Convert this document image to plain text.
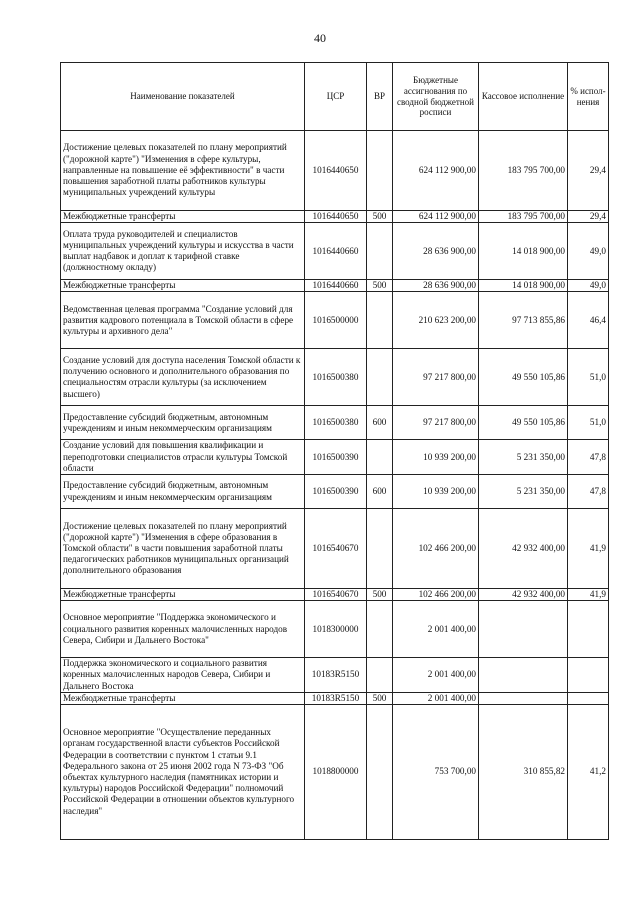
40
Наименование показателей	ЦСР	ВР	Бюджетные ассигнования по сводной бюджетной росписи	Кассовое исполнение	% испол-нения
Достижение целевых показателей по плану мероприятий ("дорожной карте") "Изменения в сфере культуры, направленные на повышение её эффективности" в части повышения заработной платы работников культуры муниципальных учреждений культуры	1016440650		624 112 900,00	183 795 700,00	29,4
Межбюджетные трансферты	1016440650	500	624 112 900,00	183 795 700,00	29,4
Оплата труда руководителей и специалистов муниципальных учреждений культуры и искусства в части выплат надбавок и доплат к тарифной ставке (должностному окладу)	1016440660		28 636 900,00	14 018 900,00	49,0
Межбюджетные трансферты	1016440660	500	28 636 900,00	14 018 900,00	49,0
Ведомственная целевая программа "Создание условий для развития кадрового потенциала в Томской области в сфере культуры и архивного дела"	1016500000		210 623 200,00	97 713 855,86	46,4
Создание условий для доступа населения Томской области к получению основного и дополнительного образования по специальностям отрасли культуры (за исключением высшего)	1016500380		97 217 800,00	49 550 105,86	51,0
Предоставление субсидий бюджетным, автономным учреждениям и иным некоммерческим организациям	1016500380	600	97 217 800,00	49 550 105,86	51,0
Создание условий для повышения квалификации и переподготовки специалистов отрасли культуры Томской области	1016500390		10 939 200,00	5 231 350,00	47,8
Предоставление субсидий бюджетным, автономным учреждениям и иным некоммерческим организациям	1016500390	600	10 939 200,00	5 231 350,00	47,8
Достижение целевых показателей по плану мероприятий ("дорожной карте") "Изменения в сфере образования в Томской области" в части повышения заработной платы педагогических работников муниципальных организаций дополнительного образования	1016540670		102 466 200,00	42 932 400,00	41,9
Межбюджетные трансферты	1016540670	500	102 466 200,00	42 932 400,00	41,9
Основное мероприятие "Поддержка экономического и социального развития коренных малочисленных народов Севера, Сибири и Дальнего Востока"	1018300000		2 001 400,00		
Поддержка экономического и социального развития коренных малочисленных народов Севера, Сибири и Дальнего Востока	10183R5150		2 001 400,00		
Межбюджетные трансферты	10183R5150	500	2 001 400,00		
Основное мероприятие "Осуществление переданных органам государственной власти субъектов Российской Федерации в соответствии с пунктом 1 статьи 9.1 Федерального закона от 25 июня 2002 года N 73-ФЗ "Об объектах культурного наследия (памятниках истории и культуры) народов Российской Федерации" полномочий Российской Федерации в отношении объектов культурного наследия"	1018800000		753 700,00	310 855,82	41,2
